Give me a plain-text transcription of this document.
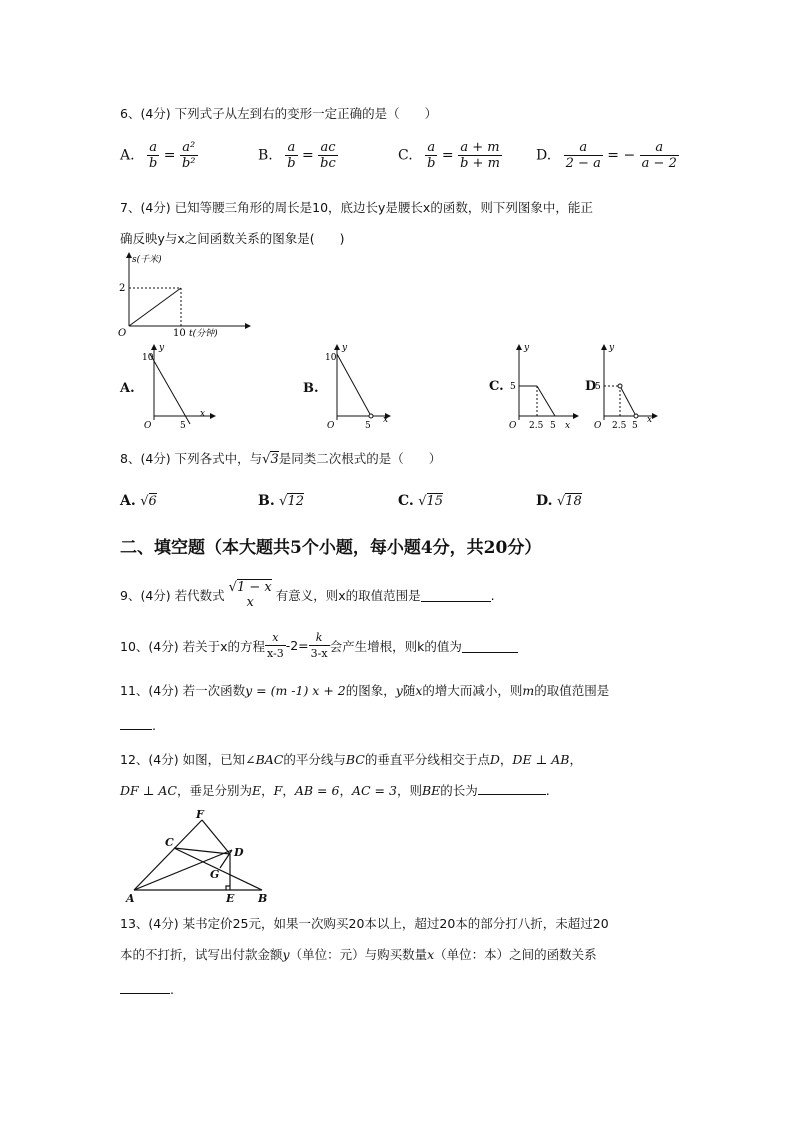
6、(4分) 下列式子从左到右的变形一定正确的是（　　）
A. $\frac{a}{b} = \frac{\text{a²}}{\text{b²}}$	B. $\frac{a}{b} = \frac{ac}{bc}$	C. $\frac{a}{b} = \frac{a + m}{b + m} D$. $\frac{a}{2 - a}$ = − $\frac{a}{a - 2}$
7、(4分) 已知等腰三角形的周长是10，底边长y是腰长x的函数，则下列图象中，能正
确反映y与x之间函数关系的图象是(　　)
s(千米)
2
O	10 t(分钟)
A.
y
10
O	5
x
B.
y
10
O	5
x
C.
y
5
O 2.5 5 x
D
y
5
O 2.5 5
x
8、(4分) 下列各式中，与√3是同类二次根式的是（　　）
A. √6	B. √12	C. √15	D. √18
二、填空题（本大题共5个小题，每小题4分，共20分）
9、(4分) 若代数式
√1 − x
x	有意义，则x的取值范围是	.
10、(4分) 若关于x的方程 $\frac{x}{x-3} -2= \frac{k}{3-x}$ 会产生增根，则k的值为
11、(4分) 若一次函数y = (m -1) x + 2的图象，y随x的增大而减小，则m的取值范围是
.
12、(4分) 如图，已知∠BAC的平分线与BC的垂直平分线相交于点D，DE ⊥ AB，
DF ⊥ AC，垂足分别为E，F，AB = 6，AC = 3，则BE的长为	.
A	B
C
D
E
F
G
13、(4分) 某书定价25元，如果一次购买20本以上，超过20本的部分打八折，未超过20
本的不打折，试写出付款金额y（单位：元）与购买数量x（单位：本）之间的函数关系
.
